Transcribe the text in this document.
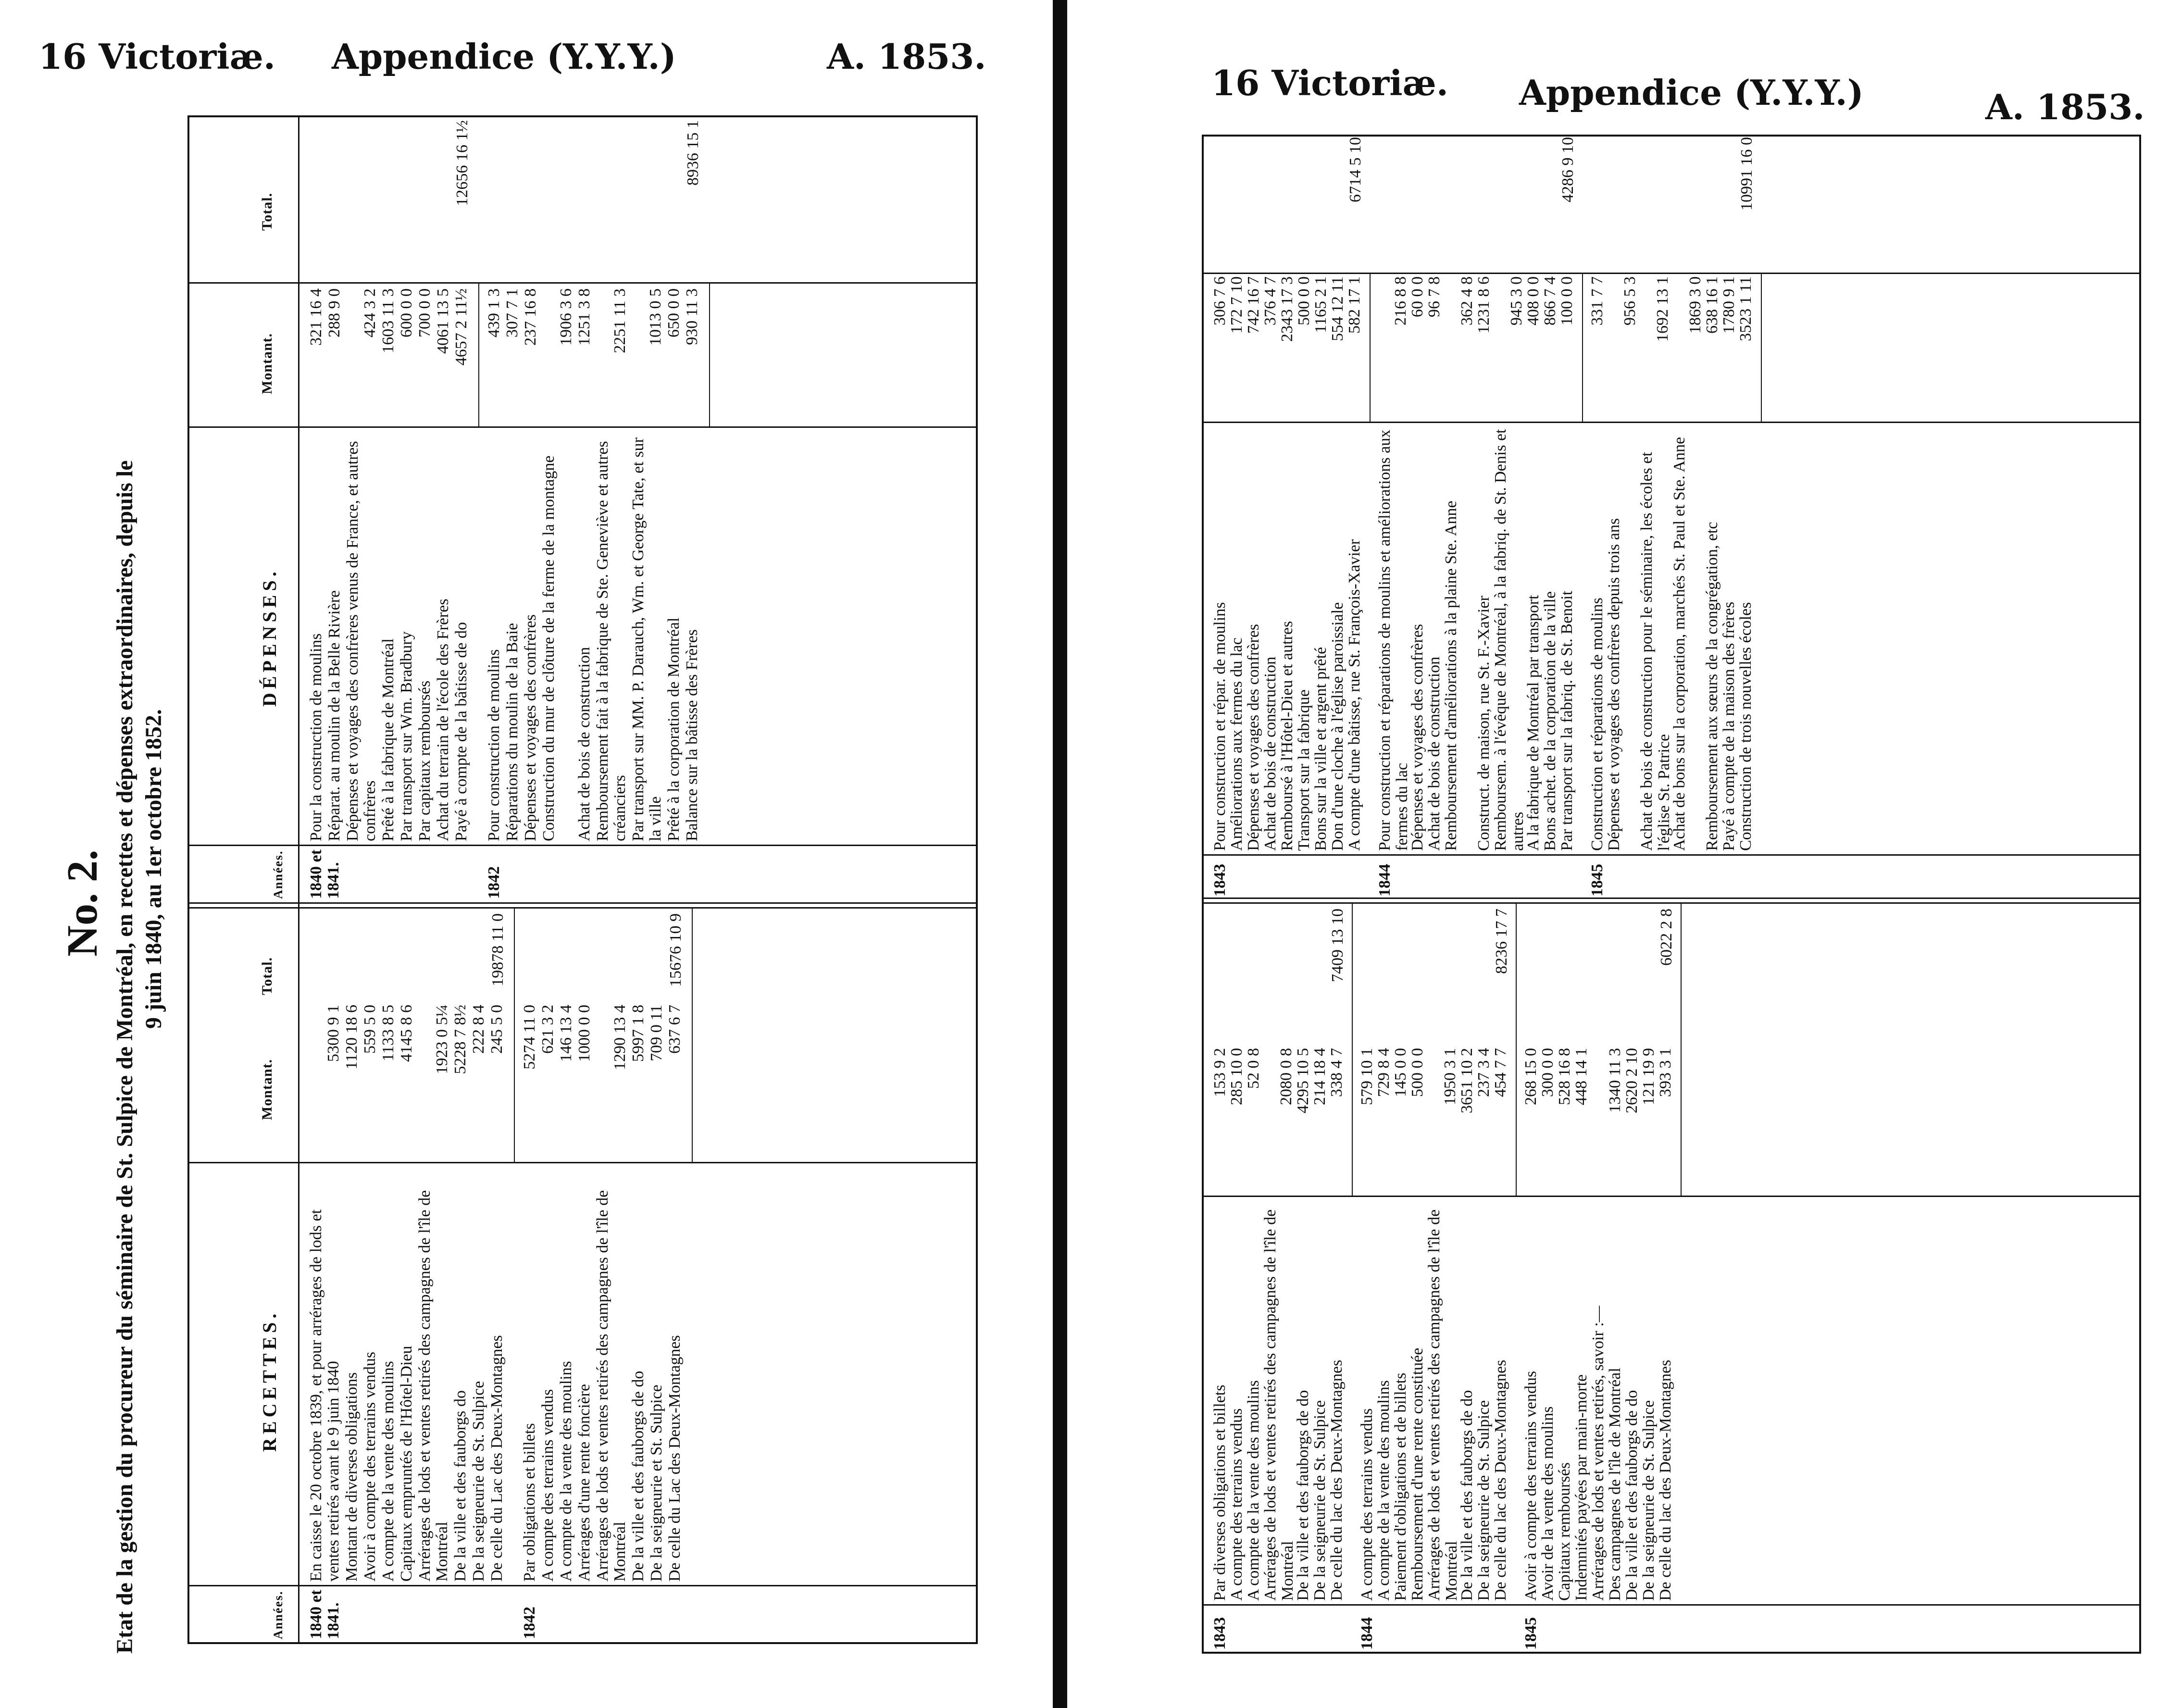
16 Victoriæ. Appendice (Y.Y.Y.)	A. 1853.
No. 2. Etat de la gestion du procureur du séminaire de St. Sulpice de Montréal, en recettes et dépenses extraordinaires, depuis le 9 juin 1840, au 1er octobre 1852.
Années.
RECETTES.
Montant.
Total.
Années.
DÉPENSES.
Montant.
Total.
1840 et 1841.
En caisse le 20 octobre 1839, et pour arrérages de lods et ventes retirés avant le 9 juin 1840
5300 9 1
Montant de diverses obligations
1120 18 6
Avoir à compte des terrains vendus
559 5 0
A compte de la vente des moulins
1133 8 5
Capitaux empruntés de l'Hôtel-Dieu
4145 8 6
Arrérages de lods et ventes retirés des campagnes de l'île de Montréal
1923 0 5¼
De la ville et des fauborgs do
5228 7 8½
De la seigneurie de St. Sulpice
222 8 4
De celle du Lac des Deux-Montagnes
245 5 0
19878 11 0
1842
Par obligations et billets
5274 11 0
A compte des terrains vendus
621 3 2
A compte de la vente des moulins
146 13 4
Arrérages d'une rente foncière
1000 0 0
Arrérages de lods et ventes retirés des campagnes de l'île de Montréal
1290 13 4
De la ville et des fauborgs de do
5997 1 8
De la seigneurie et St. Sulpice
709 0 11
De celle du Lac des Deux-Montagnes
637 6 7
15676 10 9
1840 et 1841.
Pour la construction de moulins
321 16 4
Réparat. au moulin de la Belle Rivière
288 9 0
Dépenses et voyages des confrères venus de France, et autres confrères
424 3 2
Prêté à la fabrique de Montréal
1603 11 3
Par transport sur Wm. Bradbury
600 0 0
Par capitaux remboursés
700 0 0
Achat du terrain de l'école des Frères
4061 13 5
Payé à compte de la bâtisse de do
4657 2 11½
12656 16 1½
1842
Pour construction de moulins
439 1 3
Réparations du moulin de la Baie
307 7 1
Dépenses et voyages des confrères
237 16 8
Construction du mur de clôture de la ferme de la montagne
1906 3 6
Achat de bois de construction
1251 3 8
Remboursement fait à la fabrique de Ste. Geneviève et autres créanciers
2251 11 3
Par transport sur MM. P. Darauch, Wm. et George Tate, et sur la ville
1013 0 5
Prêté à la corporation de Montréal
650 0 0
Balance sur la bâtisse des Frères
930 11 3
8936 15 1
16 Victoriæ. Appendice (Y.Y.Y.)	A. 1853.
1843
Par diverses obligations et billets
153 9 2
A compte des terrains vendus
285 10 0
A compte de la vente des moulins
52 0 8
Arrérages de lods et ventes retirés des campagnes de l'île de Montréal
2080 0 8
De la ville et des fauborgs de do
4295 10 5
De la seigneurie de St. Sulpice
214 18 4
De celle du lac des Deux-Montagnes
338 4 7
7409 13 10
1844
A compte des terrains vendus
579 10 1
A compte de la vente des moulins
729 8 4
Paiement d'obligations et de billets
145 0 0
Remboursement d'une rente constituée
500 0 0
Arrérages de lods et ventes retirés des campagnes de l'île de Montréal
1950 3 1
De la ville et des fauborgs de do
3651 10 2
De la seigneurie de St. Sulpice
237 3 4
De celle du lac des Deux-Montagnes
454 7 7
8236 17 7
1845
Avoir à compte des terrains vendus
268 15 0
Avoir de la vente des moulins
300 0 0
Capitaux remboursés
528 16 8
Indemnités payées par main-morte
448 14 1
Arrérages de lods et ventes retirés, savoir :—
Des campagnes de l'île de Montréal
1340 11 3
De la ville et des fauborgs de do
2620 2 10
De la seigneurie de St. Sulpice
121 19 9
De celle du lac des Deux-Montagnes
393 3 1
6022 2 8
1843
Pour construction et répar. de moulins
306 7 6
Améliorations aux fermes du lac
172 7 10
Dépenses et voyages des confrères
742 16 7
Achat de bois de construction
376 4 7
Remboursé à l'Hôtel-Dieu et autres
2343 17 3
Transport sur la fabrique
500 0 0
Bons sur la ville et argent prêté
1165 2 1
Don d'une cloche à l'église paroissiale
554 12 11
A compte d'une bâtisse, rue St. François-Xavier
582 17 1
6714 5 10
1844
Pour construction et réparations de moulins et améliorations aux fermes du lac
216 8 8
Dépenses et voyages des confrères
60 0 0
Achat de bois de construction
96 7 8
Remboursement d'améliorations à la plaine Ste. Anne
362 4 8
Construct. de maison, rue St. F.-Xavier
1231 8 6
Remboursem. à l'évêque de Montréal, à la fabriq. de St. Denis et autres
945 3 0
A la fabrique de Montréal par transport
408 0 0
Bons achet. de la corporation de la ville
866 7 4
Par transport sur la fabriq. de St. Benoit
100 0 0
4286 9 10
1845
Construction et réparations de moulins
331 7 7
Dépenses et voyages des confrères depuis trois ans
956 5 3
Achat de bois de construction pour le séminaire, les écoles et l'église St. Patrice
1692 13 1
Achat de bons sur la corporation, marchés St. Paul et Ste. Anne
1869 3 0
Remboursement aux sœurs de la congrégation, etc
638 16 1
Payé à compte de la maison des frères
1780 9 1
Construction de trois nouvelles écoles
3523 1 11
10991 16 0
